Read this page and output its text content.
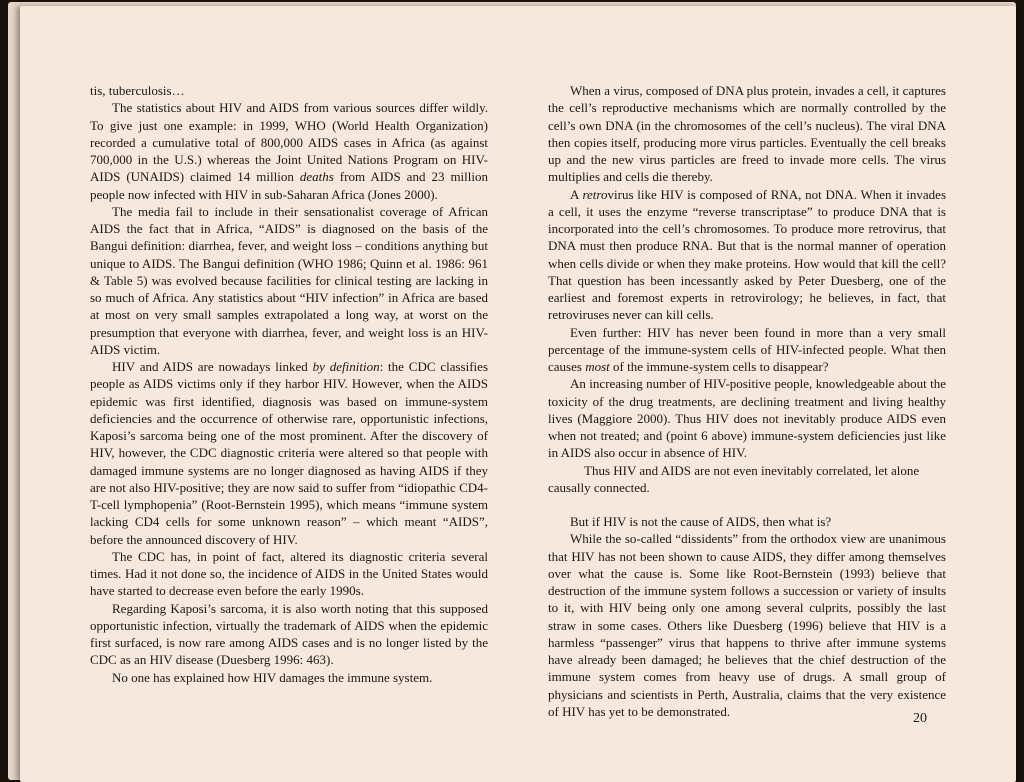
tis, tuberculosis…

The statistics about HIV and AIDS from various sources differ wildly. To give just one example: in 1999, WHO (World Health Organization) recorded a cumulative total of 800,000 AIDS cases in Africa (as against 700,000 in the U.S.) whereas the Joint United Nations Program on HIV-AIDS (UNAIDS) claimed 14 million deaths from AIDS and 23 million people now infected with HIV in sub-Saharan Africa (Jones 2000).

The media fail to include in their sensationalist coverage of African AIDS the fact that in Africa, “AIDS” is diagnosed on the basis of the Bangui definition: diarrhea, fever, and weight loss – conditions anything but unique to AIDS. The Bangui definition (WHO 1986; Quinn et al. 1986: 961 & Table 5) was evolved because facilities for clinical testing are lacking in so much of Africa. Any statistics about “HIV infection” in Africa are based at most on very small samples extrapolated a long way, at worst on the presumption that everyone with diarrhea, fever, and weight loss is an HIV-AIDS victim.

HIV and AIDS are nowadays linked by definition: the CDC classifies people as AIDS victims only if they harbor HIV. However, when the AIDS epidemic was first identified, diagnosis was based on immune-system deficiencies and the occurrence of otherwise rare, opportunistic infections, Kaposi’s sarcoma being one of the most prominent. After the discovery of HIV, however, the CDC diagnostic criteria were altered so that people with damaged immune systems are no longer diagnosed as having AIDS if they are not also HIV-positive; they are now said to suffer from “idiopathic CD4-T-cell lymphopenia” (Root-Bernstein 1995), which means “immune system lacking CD4 cells for some unknown reason” – which meant “AIDS”, before the announced discovery of HIV.

The CDC has, in point of fact, altered its diagnostic criteria several times. Had it not done so, the incidence of AIDS in the United States would have started to decrease even before the early 1990s.

Regarding Kaposi’s sarcoma, it is also worth noting that this supposed opportunistic infection, virtually the trademark of AIDS when the epidemic first surfaced, is now rare among AIDS cases and is no longer listed by the CDC as an HIV disease (Duesberg 1996: 463).

No one has explained how HIV damages the immune system.

When a virus, composed of DNA plus protein, invades a cell, it captures the cell’s reproductive mechanisms which are normally controlled by the cell’s own DNA (in the chromosomes of the cell’s nucleus). The viral DNA then copies itself, producing more virus particles. Eventually the cell breaks up and the new virus particles are freed to invade more cells. The virus multiplies and cells die thereby.

A retrovirus like HIV is composed of RNA, not DNA. When it invades a cell, it uses the enzyme “reverse transcriptase” to produce DNA that is incorporated into the cell’s chromosomes. To produce more retrovirus, that DNA must then produce RNA. But that is the normal manner of operation when cells divide or when they make proteins. How would that kill the cell? That question has been incessantly asked by Peter Duesberg, one of the earliest and foremost experts in retrovirology; he believes, in fact, that retroviruses never can kill cells.

Even further: HIV has never been found in more than a very small percentage of the immune-system cells of HIV-infected people. What then causes most of the immune-system cells to disappear?

An increasing number of HIV-positive people, knowledgeable about the toxicity of the drug treatments, are declining treatment and living healthy lives (Maggiore 2000). Thus HIV does not inevitably produce AIDS even when not treated; and (point 6 above) immune-system deficiencies just like in AIDS also occur in absence of HIV.

Thus HIV and AIDS are not even inevitably correlated, let alone causally connected.

But if HIV is not the cause of AIDS, then what is?

While the so-called “dissidents” from the orthodox view are unanimous that HIV has not been shown to cause AIDS, they differ among themselves over what the cause is. Some like Root-Bernstein (1993) believe that destruction of the immune system follows a succession or variety of insults to it, with HIV being only one among several culprits, possibly the last straw in some cases. Others like Duesberg (1996) believe that HIV is a harmless “passenger” virus that happens to thrive after immune systems have already been damaged; he believes that the chief destruction of the immune system comes from heavy use of drugs. A small group of physicians and scientists in Perth, Australia, claims that the very existence of HIV has yet to be demonstrated.	20
